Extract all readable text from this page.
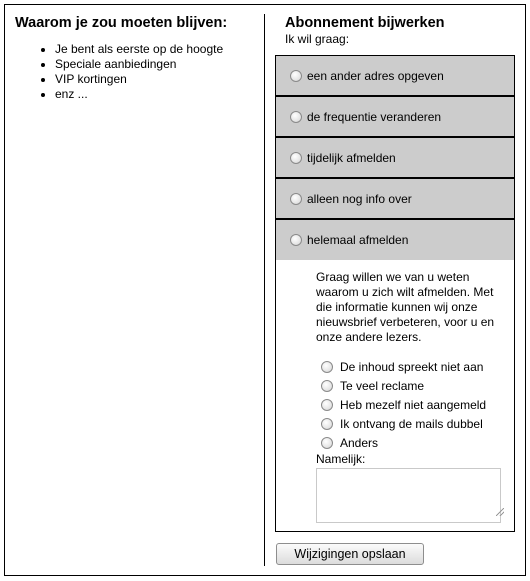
Waarom je zou moeten blijven:
• Je bent als eerste op de hoogte
• Speciale aanbiedingen
• VIP kortingen
• enz ...
Abonnement bijwerken
Ik wil graag:
een ander adres opgeven
de frequentie veranderen
tijdelijk afmelden
alleen nog info over
helemaal afmelden

Graag willen we van u weten waarom u zich wilt afmelden. Met die informatie kunnen wij onze nieuwsbrief verbeteren, voor u en onze andere lezers.

De inhoud spreekt niet aan
Te veel reclame
Heb mezelf niet aangemeld
Ik ontvang de mails dubbel
Anders
Namelijk:
Wijzigingen opslaan
